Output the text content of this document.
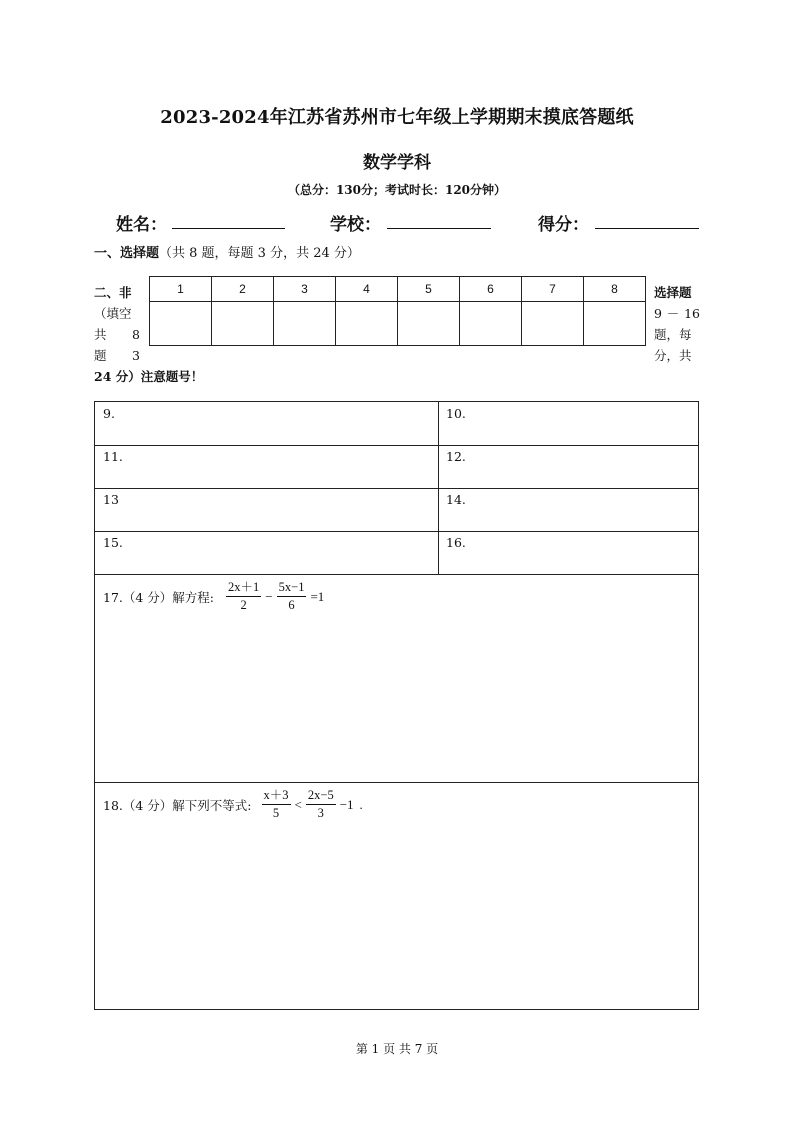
2023-2024年江苏省苏州市七年级上学期期末摸底答题纸
数学学科
（总分：130分；考试时长：120分钟）
姓名：	学校：	得分：
一、选择题（共 8 题，每题 3 分，共 24 分）
1	2	3	4	5	6	7	8

二、非
（填空
共 8
题 3
选择题
9 － 16
题，每
分，共
24 分）注意题号！
9.	10.
11.	12.
13	14.
15.	16.
17.（4 分）解方程: $\frac{2x+1}{2} - \frac{5x-1}{6} =1$
18.（4 分）解下列不等式: $\frac{x+3}{5} < \frac{2x-5}{3} -1$ .
第 1 页 共 7 页
